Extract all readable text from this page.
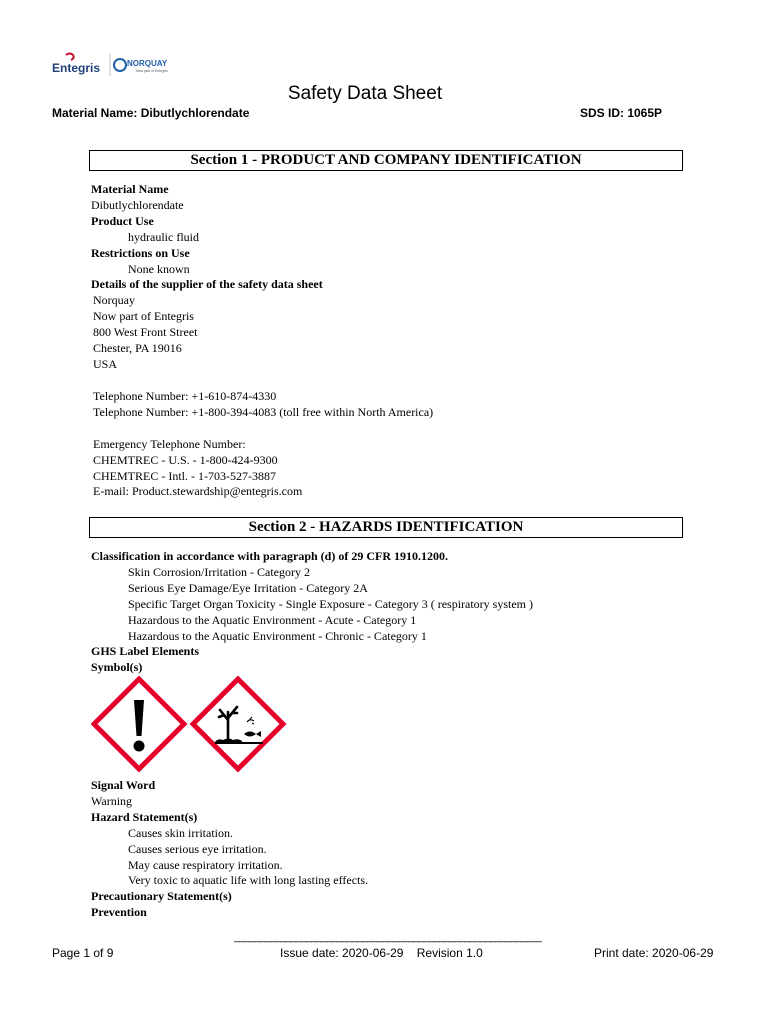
Entegris	NORQUAY
Now part of Entegris
Safety Data Sheet
Material Name: Dibutlychlorendate	SDS ID: 1065P
Section 1 - PRODUCT AND COMPANY IDENTIFICATION
Material Name
Dibutlychlorendate
Product Use
hydraulic fluid
Restrictions on Use
None known
Details of the supplier of the safety data sheet
Norquay
Now part of Entegris
800 West Front Street
Chester, PA 19016
USA
Telephone Number: +1-610-874-4330
Telephone Number: +1-800-394-4083 (toll free within North America)
Emergency Telephone Number:
CHEMTREC - U.S. - 1-800-424-9300
CHEMTREC - Intl. - 1-703-527-3887
E-mail: Product.stewardship@entegris.com
Section 2 - HAZARDS IDENTIFICATION
Classification in accordance with paragraph (d) of 29 CFR 1910.1200.
Skin Corrosion/Irritation - Category 2
Serious Eye Damage/Eye Irritation - Category 2A
Specific Target Organ Toxicity - Single Exposure - Category 3 ( respiratory system )
Hazardous to the Aquatic Environment - Acute - Category 1
Hazardous to the Aquatic Environment - Chronic - Category 1
GHS Label Elements
Symbol(s)
Signal Word
Warning
Hazard Statement(s)
Causes skin irritation.
Causes serious eye irritation.
May cause respiratory irritation.
Very toxic to aquatic life with long lasting effects.
Precautionary Statement(s)
Prevention
____________________________________________________________
Page 1 of 9	Issue date: 2020-06-29    Revision 1.0	Print date: 2020-06-29
